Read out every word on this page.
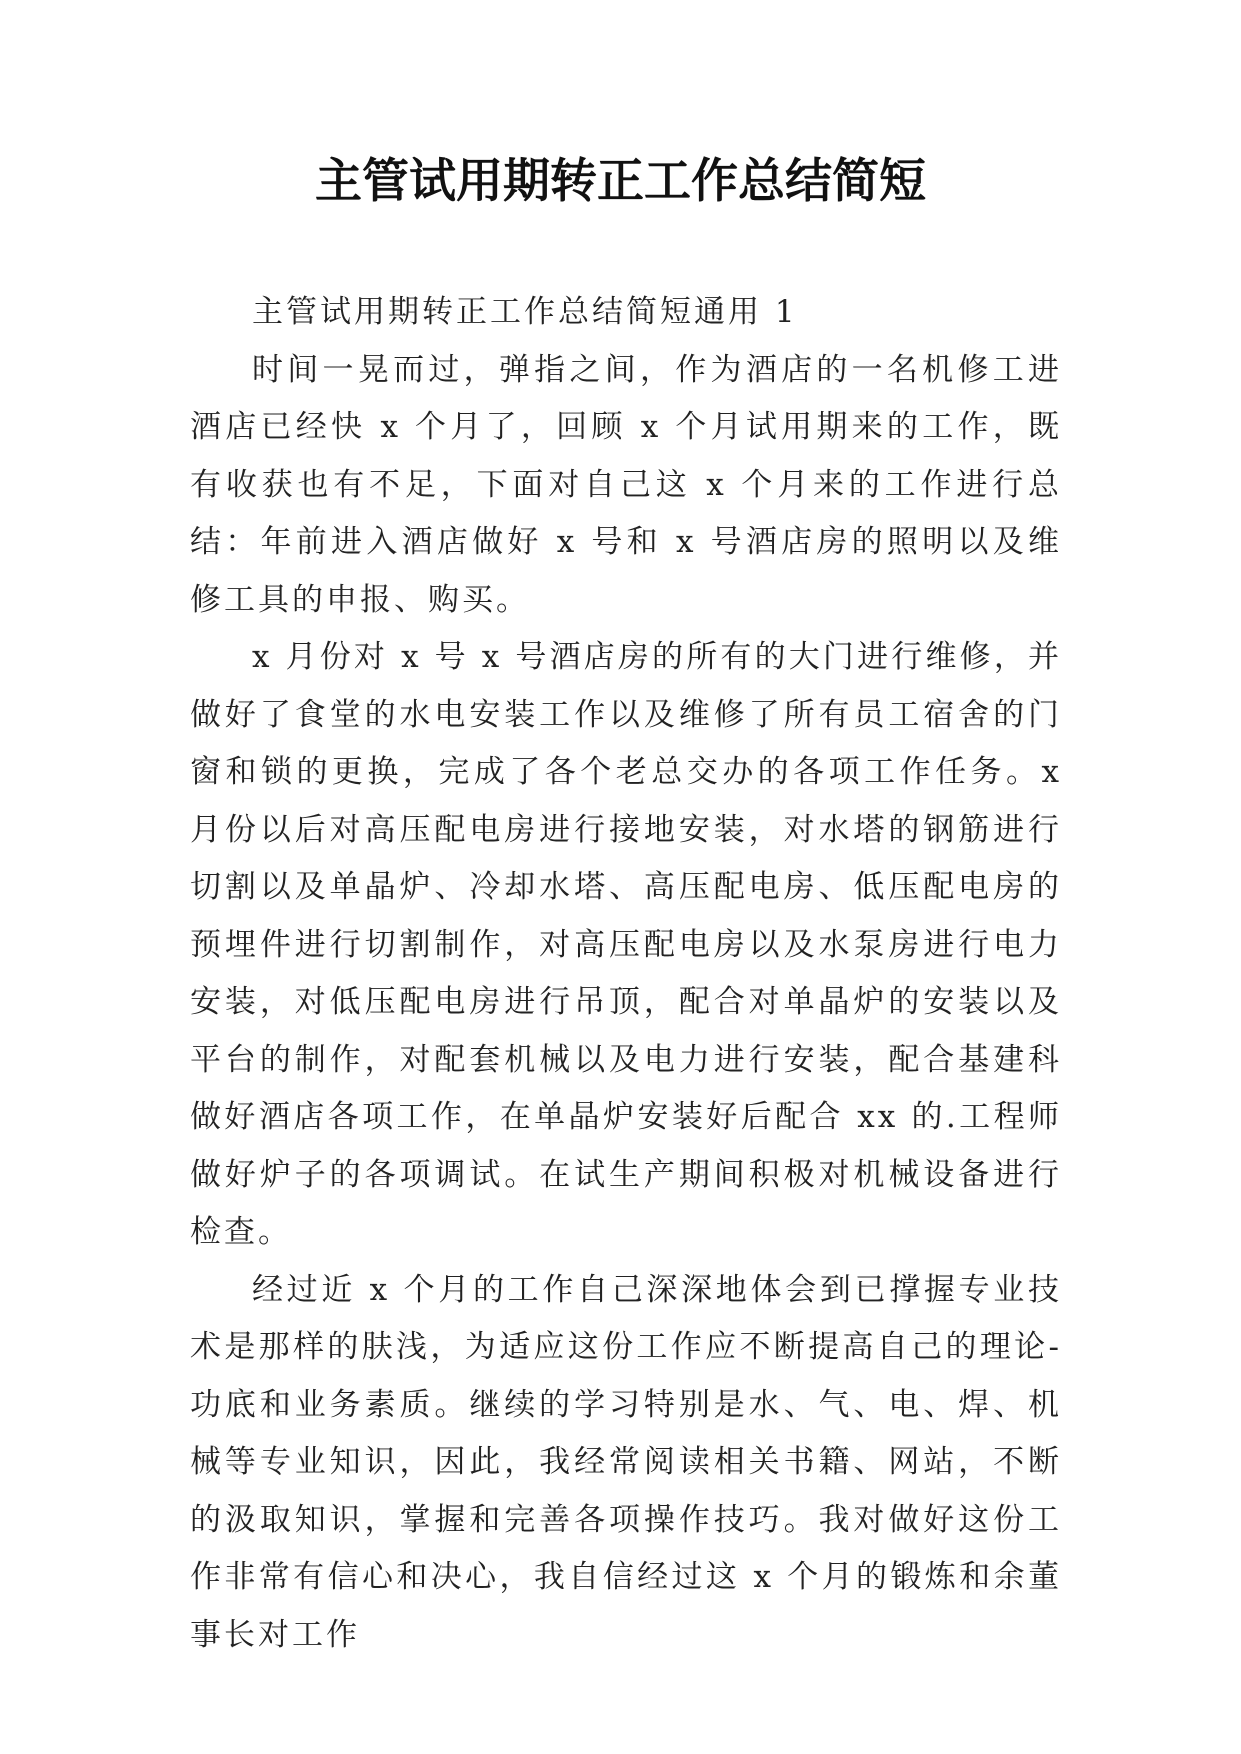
主管试用期转正工作总结简短

主管试用期转正工作总结简短通用 1

时间一晃而过，弹指之间，作为酒店的一名机修工进酒店已经快 x 个月了，回顾 x 个月试用期来的工作，既有收获也有不足，下面对自己这 x 个月来的工作进行总结：年前进入酒店做好 x 号和 x 号酒店房的照明以及维修工具的申报、购买。

x 月份对 x 号 x 号酒店房的所有的大门进行维修，并做好了食堂的水电安装工作以及维修了所有员工宿舍的门窗和锁的更换，完成了各个老总交办的各项工作任务。x 月份以后对高压配电房进行接地安装，对水塔的钢筋进行切割以及单晶炉、冷却水塔、高压配电房、低压配电房的预埋件进行切割制作，对高压配电房以及水泵房进行电力安装，对低压配电房进行吊顶，配合对单晶炉的安装以及平台的制作，对配套机械以及电力进行安装，配合基建科做好酒店各项工作，在单晶炉安装好后配合 xx 的.工程师做好炉子的各项调试。在试生产期间积极对机械设备进行检查。

经过近 x 个月的工作自己深深地体会到已撑握专业技术是那样的肤浅，为适应这份工作应不断提高自己的理论-功底和业务素质。继续的学习特别是水、气、电、焊、机械等专业知识，因此，我经常阅读相关书籍、网站，不断的汲取知识，掌握和完善各项操作技巧。我对做好这份工作非常有信心和决心，我自信经过这 x 个月的锻炼和余董事长对工作
